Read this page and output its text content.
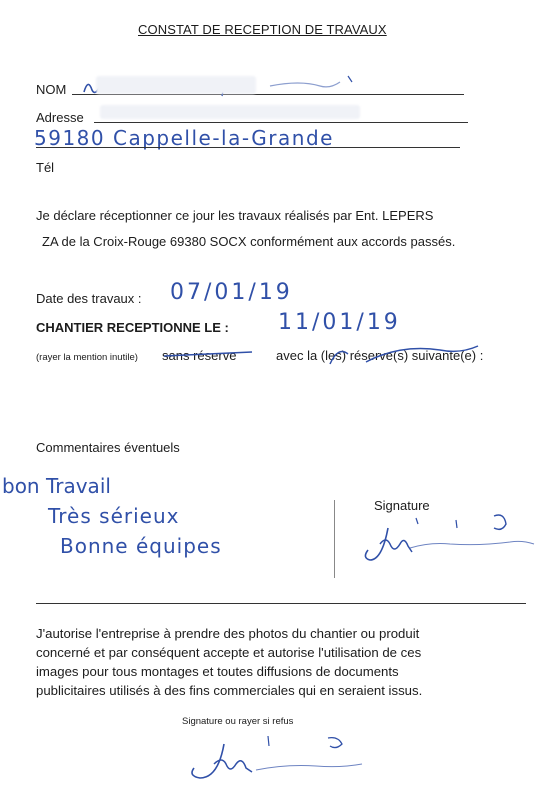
CONSTAT DE RECEPTION DE TRAVAUX
NOM
Adresse
59180 Cappelle-la-Grande
Tél
Je déclare réceptionner ce jour les travaux réalisés par Ent. LEPERS
ZA de la Croix-Rouge 69380 SOCX conformément aux accords passés.
Date des travaux : 07/01/19
CHANTIER RECEPTIONNE LE : 11/01/19
(rayer la mention inutile) sans réserve	avec la (les) réserve(s) suivante(e) :
Commentaires éventuels
bon Travail
Très sérieux
Bonne équipes
Signature
J'autorise l'entreprise à prendre des photos du chantier ou produit
concerné et par conséquent accepte et autorise l'utilisation de ces
images pour tous montages et toutes diffusions de documents
publicitaires utilisés à des fins commerciales qui en seraient issus.
Signature ou rayer si refus
